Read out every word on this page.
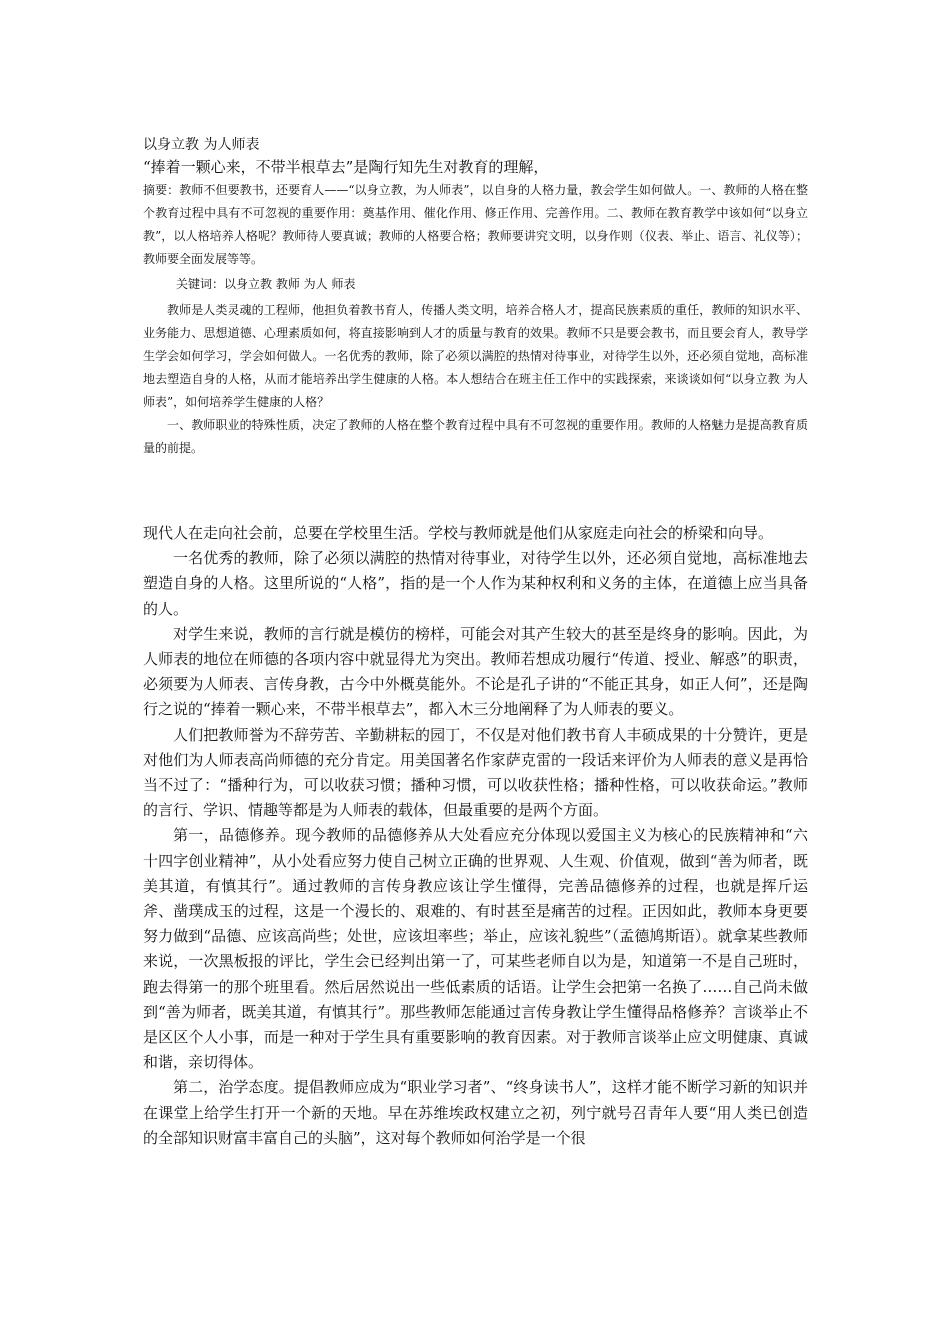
以身立教 为人师表

“捧着一颗心来，不带半根草去”是陶行知先生对教育的理解，

摘要：教师不但要教书，还要育人——“以身立教，为人师表”，以自身的人格力量，教会学生如何做人。一、教师的人格在整个教育过程中具有不可忽视的重要作用：奠基作用、催化作用、修正作用、完善作用。二、教师在教育教学中该如何“以身立教”，以人格培养人格呢？教师待人要真诚；教师的人格要合格；教师要讲究文明，以身作则（仪表、举止、语言、礼仪等）；教师要全面发展等等。

关键词：以身立教 教师 为人 师表

教师是人类灵魂的工程师，他担负着教书育人，传播人类文明，培养合格人才，提高民族素质的重任，教师的知识水平、业务能力、思想道德、心理素质如何，将直接影响到人才的质量与教育的效果。教师不只是要会教书，而且要会育人，教导学生学会如何学习，学会如何做人。一名优秀的教师，除了必须以满腔的热情对待事业，对待学生以外，还必须自觉地，高标准地去塑造自身的人格，从而才能培养出学生健康的人格。本人想结合在班主任工作中的实践探索，来谈谈如何“以身立教 为人师表”，如何培养学生健康的人格？

一、教师职业的特殊性质，决定了教师的人格在整个教育过程中具有不可忽视的重要作用。教师的人格魅力是提高教育质量的前提。

现代人在走向社会前，总要在学校里生活。学校与教师就是他们从家庭走向社会的桥梁和向导。

一名优秀的教师，除了必须以满腔的热情对待事业，对待学生以外，还必须自觉地，高标准地去塑造自身的人格。这里所说的“人格”，指的是一个人作为某种权利和义务的主体，在道德上应当具备的人。

对学生来说，教师的言行就是模仿的榜样，可能会对其产生较大的甚至是终身的影响。因此，为人师表的地位在师德的各项内容中就显得尤为突出。教师若想成功履行“传道、授业、解惑”的职责，必须要为人师表、言传身教，古今中外概莫能外。不论是孔子讲的“不能正其身，如正人何”，还是陶行之说的“捧着一颗心来，不带半根草去”，都入木三分地阐释了为人师表的要义。

人们把教师誉为不辞劳苦、辛勤耕耘的园丁，不仅是对他们教书育人丰硕成果的十分赞许，更是对他们为人师表高尚师德的充分肯定。用美国著名作家萨克雷的一段话来评价为人师表的意义是再恰当不过了：“播种行为，可以收获习惯；播种习惯，可以收获性格；播种性格，可以收获命运。”教师的言行、学识、情趣等都是为人师表的载体，但最重要的是两个方面。

第一，品德修养。现今教师的品德修养从大处看应充分体现以爱国主义为核心的民族精神和“六十四字创业精神”，从小处看应努力使自己树立正确的世界观、人生观、价值观，做到“善为师者，既美其道，有慎其行”。通过教师的言传身教应该让学生懂得，完善品德修养的过程，也就是挥斤运斧、凿璞成玉的过程，这是一个漫长的、艰难的、有时甚至是痛苦的过程。正因如此，教师本身更要努力做到“品德、应该高尚些；处世，应该坦率些；举止，应该礼貌些”（孟德鸠斯语）。就拿某些教师来说，一次黑板报的评比，学生会已经判出第一了，可某些老师自以为是，知道第一不是自己班时，跑去得第一的那个班里看。然后居然说出一些低素质的话语。让学生会把第一名换了……自己尚未做到“善为师者，既美其道，有慎其行”。那些教师怎能通过言传身教让学生懂得品格修养？言谈举止不是区区个人小事，而是一种对于学生具有重要影响的教育因素。对于教师言谈举止应文明健康、真诚和谐，亲切得体。

第二，治学态度。提倡教师应成为“职业学习者”、“终身读书人”，这样才能不断学习新的知识并在课堂上给学生打开一个新的天地。早在苏维埃政权建立之初，列宁就号召青年人要“用人类已创造的全部知识财富丰富自己的头脑”，这对每个教师如何治学是一个很
